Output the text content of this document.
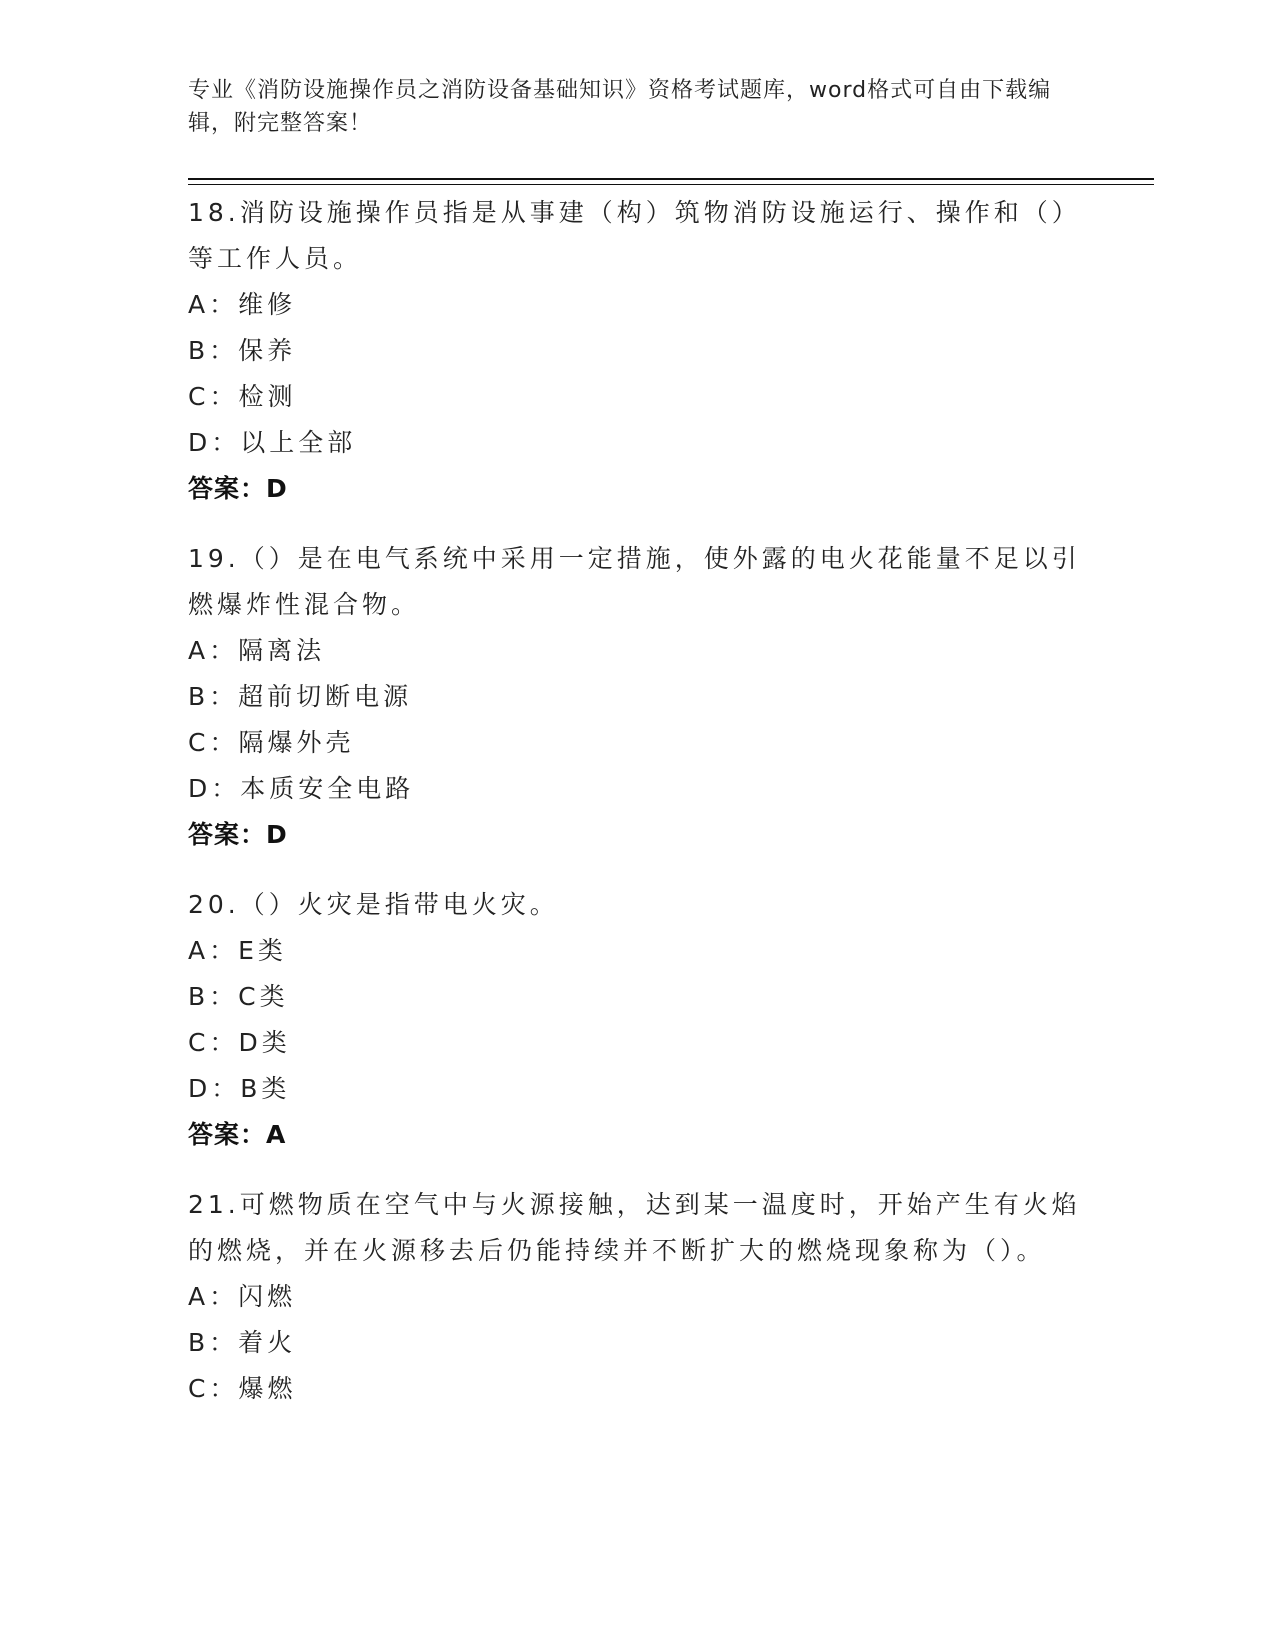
专业《消防设施操作员之消防设备基础知识》资格考试题库，word格式可自由下载编辑，附完整答案！

18.消防设施操作员指是从事建（构）筑物消防设施运行、操作和（）等工作人员。

A：维修

B：保养

C：检测

D：以上全部

答案：D

19.（）是在电气系统中采用一定措施，使外露的电火花能量不足以引燃爆炸性混合物。

A：隔离法

B：超前切断电源

C：隔爆外壳

D：本质安全电路

答案：D

20.（）火灾是指带电火灾。

A：E类

B：C类

C：D类

D：B类

答案：A

21.可燃物质在空气中与火源接触，达到某一温度时，开始产生有火焰的燃烧，并在火源移去后仍能持续并不断扩大的燃烧现象称为（）。

A：闪燃

B：着火

C：爆燃
